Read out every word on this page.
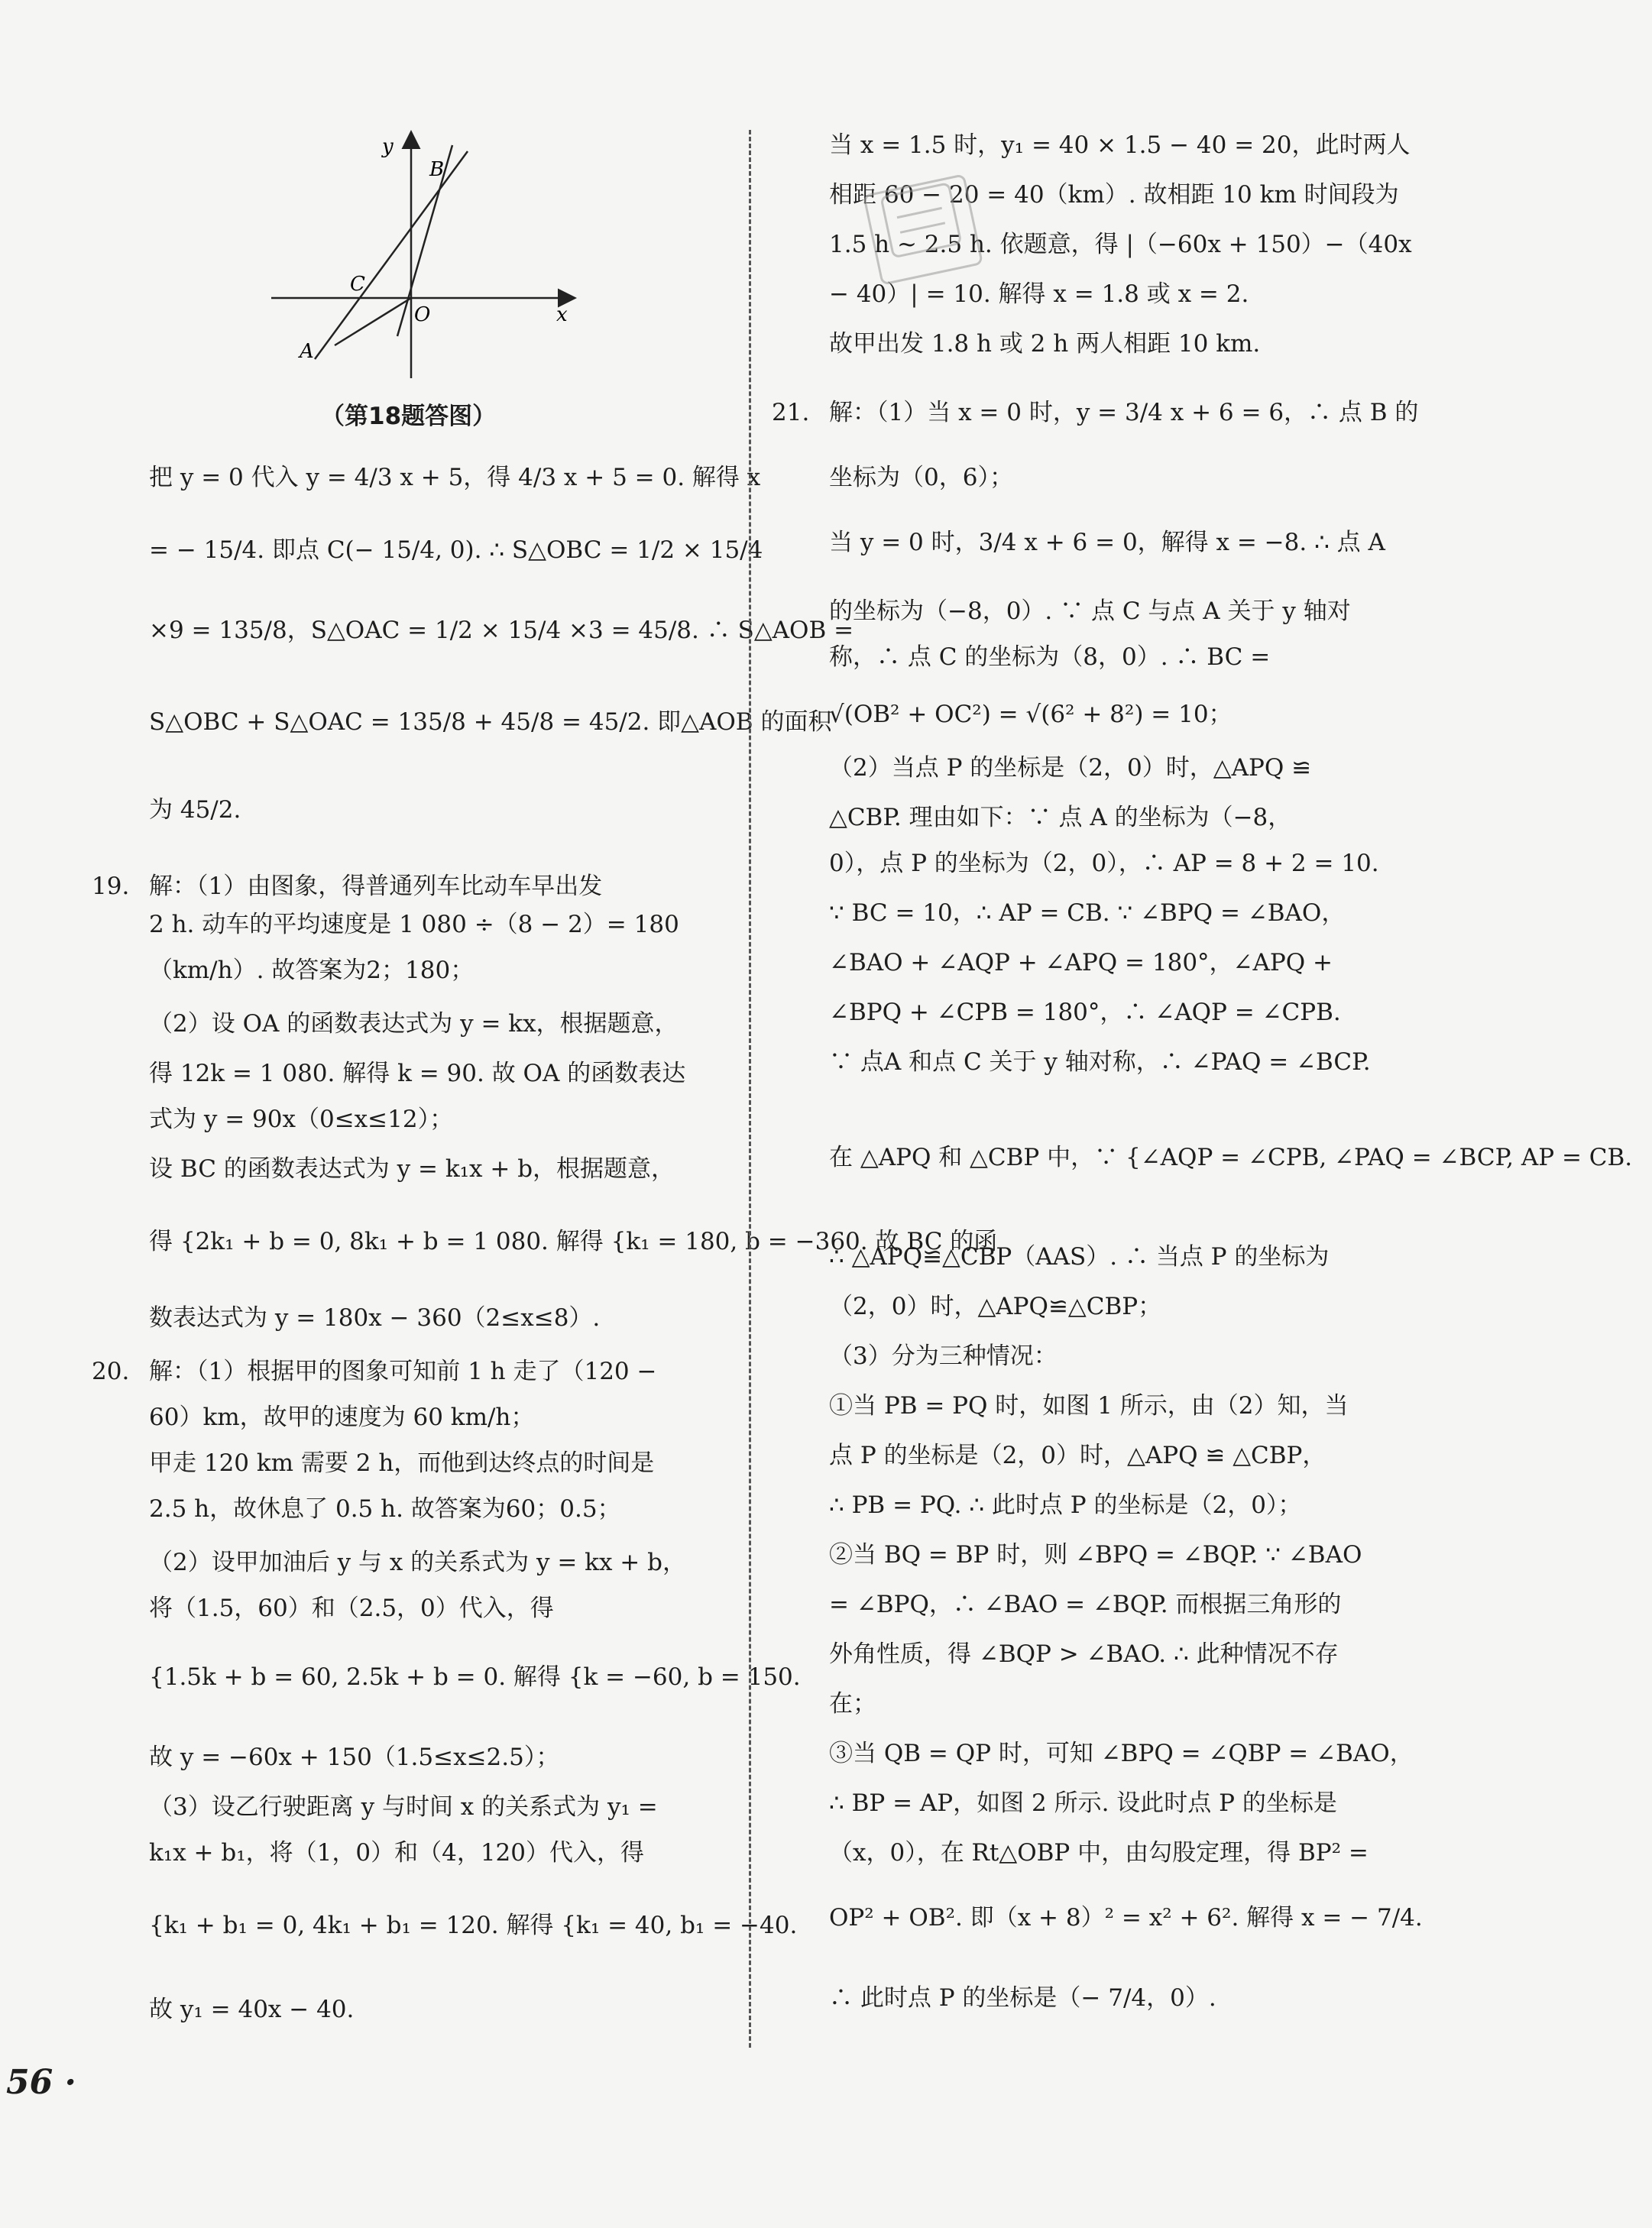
y
x
O
A
B
C
（第18题答图）
把 y = 0 代入 y = 4/3 x + 5，得 4/3 x + 5 = 0. 解得 x
= − 15/4. 即点 C(− 15/4, 0). ∴ S△OBC = 1/2 × 15/4
×9 = 135/8，S△OAC = 1/2 × 15/4 ×3 = 45/8. ∴ S△AOB =
S△OBC + S△OAC = 135/8 + 45/8 = 45/2. 即△AOB 的面积
为 45/2.
19. 解：（1）由图象，得普通列车比动车早出发
2 h. 动车的平均速度是 1 080 ÷（8 − 2）= 180
（km/h）. 故答案为2；180；
（2）设 OA 的函数表达式为 y = kx，根据题意，
得 12k = 1 080. 解得 k = 90. 故 OA 的函数表达
式为 y = 90x（0≤x≤12）；
设 BC 的函数表达式为 y = k₁x + b，根据题意，
得 {2k₁ + b = 0, 8k₁ + b = 1 080. 解得 {k₁ = 180, b = −360. 故 BC 的函
数表达式为 y = 180x − 360（2≤x≤8）.
20. 解：（1）根据甲的图象可知前 1 h 走了（120 −
60）km，故甲的速度为 60 km/h；
甲走 120 km 需要 2 h，而他到达终点的时间是
2.5 h，故休息了 0.5 h. 故答案为60；0.5；
（2）设甲加油后 y 与 x 的关系式为 y = kx + b，
将（1.5，60）和（2.5，0）代入，得
{1.5k + b = 60, 2.5k + b = 0. 解得 {k = −60, b = 150.
故 y = −60x + 150（1.5≤x≤2.5）；
（3）设乙行驶距离 y 与时间 x 的关系式为 y₁ =
k₁x + b₁，将（1，0）和（4，120）代入，得
{k₁ + b₁ = 0, 4k₁ + b₁ = 120. 解得 {k₁ = 40, b₁ = −40.
故 y₁ = 40x − 40.
当 x = 1.5 时，y₁ = 40 × 1.5 − 40 = 20，此时两人
相距 60 − 20 = 40（km）. 故相距 10 km 时间段为
1.5 h ~ 2.5 h. 依题意，得 |（−60x + 150）−（40x
− 40）| = 10. 解得 x = 1.8 或 x = 2.
故甲出发 1.8 h 或 2 h 两人相距 10 km.
21. 解：（1）当 x = 0 时，y = 3/4 x + 6 = 6，∴ 点 B 的
坐标为（0，6）；
当 y = 0 时，3/4 x + 6 = 0，解得 x = −8. ∴ 点 A
的坐标为（−8，0）. ∵ 点 C 与点 A 关于 y 轴对
称，∴ 点 C 的坐标为（8，0）. ∴ BC =
√(OB² + OC²) = √(6² + 8²) = 10；
（2）当点 P 的坐标是（2，0）时，△APQ ≌
△CBP. 理由如下：∵ 点 A 的坐标为（−8，
0），点 P 的坐标为（2，0），∴ AP = 8 + 2 = 10.
∵ BC = 10，∴ AP = CB. ∵ ∠BPQ = ∠BAO，
∠BAO + ∠AQP + ∠APQ = 180°，∠APQ +
∠BPQ + ∠CPB = 180°，∴ ∠AQP = ∠CPB.
∵ 点A 和点 C 关于 y 轴对称，∴ ∠PAQ = ∠BCP.
在 △APQ 和 △CBP 中，∵ {∠AQP = ∠CPB, ∠PAQ = ∠BCP, AP = CB.
∴ △APQ≌△CBP（AAS）. ∴ 当点 P 的坐标为
（2，0）时，△APQ≌△CBP；
（3）分为三种情况：
①当 PB = PQ 时，如图 1 所示，由（2）知，当
点 P 的坐标是（2，0）时，△APQ ≌ △CBP，
∴ PB = PQ. ∴ 此时点 P 的坐标是（2，0）；
②当 BQ = BP 时，则 ∠BPQ = ∠BQP. ∵ ∠BAO
= ∠BPQ，∴ ∠BAO = ∠BQP. 而根据三角形的
外角性质，得 ∠BQP > ∠BAO. ∴ 此种情况不存
在；
③当 QB = QP 时，可知 ∠BPQ = ∠QBP = ∠BAO，
∴ BP = AP，如图 2 所示. 设此时点 P 的坐标是
（x，0），在 Rt△OBP 中，由勾股定理，得 BP² =
OP² + OB². 即（x + 8）² = x² + 6². 解得 x = − 7/4.
∴ 此时点 P 的坐标是（− 7/4，0）.
56 ·
